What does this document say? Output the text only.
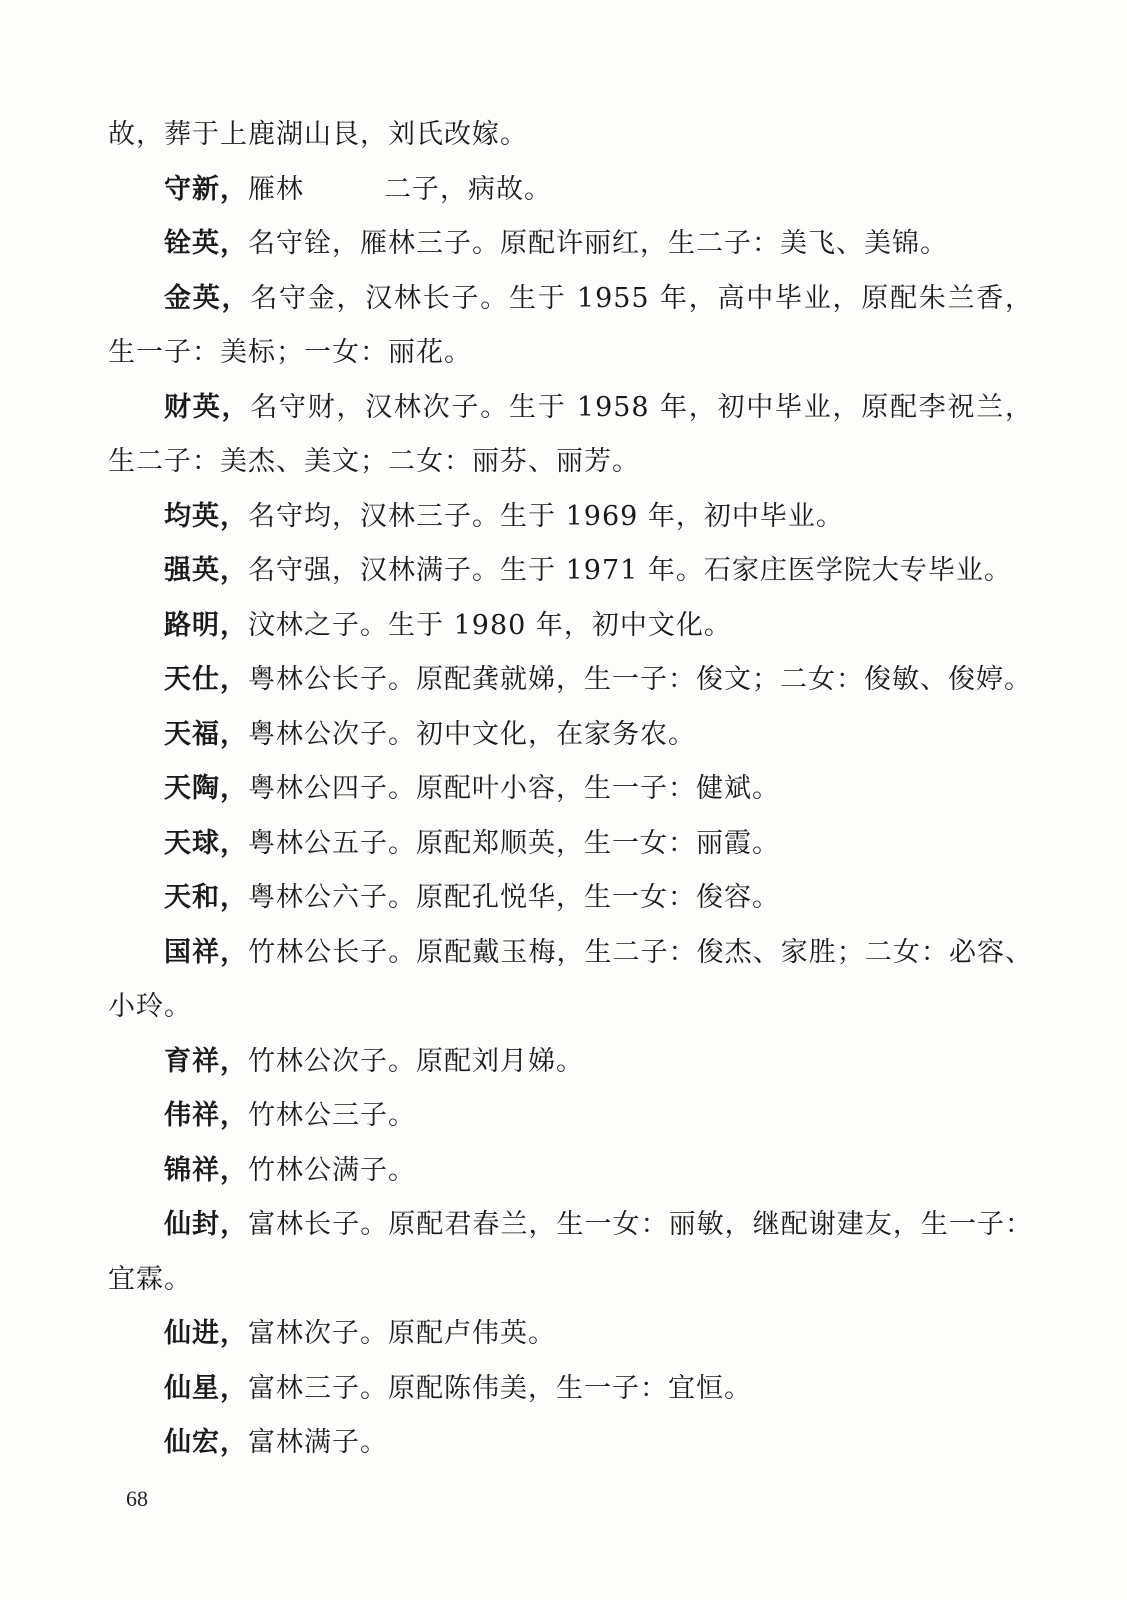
故，葬于上鹿湖山艮，刘氏改嫁。

守新，雁林	二子，病故。

铨英，名守铨，雁林三子。原配许丽红，生二子：美飞、美锦。

金英，名守金，汉林长子。生于 1955 年，高中毕业，原配朱兰香，生一子：美标；一女：丽花。

财英，名守财，汉林次子。生于 1958 年，初中毕业，原配李祝兰，生二子：美杰、美文；二女：丽芬、丽芳。

均英，名守均，汉林三子。生于 1969 年，初中毕业。

强英，名守强，汉林满子。生于 1971 年。石家庄医学院大专毕业。

路明，汶林之子。生于 1980 年，初中文化。

天仕，粤林公长子。原配龚就娣，生一子：俊文；二女：俊敏、俊婷。

天福，粤林公次子。初中文化，在家务农。

天陶，粤林公四子。原配叶小容，生一子：健斌。

天球，粤林公五子。原配郑顺英，生一女：丽霞。

天和，粤林公六子。原配孔悦华，生一女：俊容。

国祥，竹林公长子。原配戴玉梅，生二子：俊杰、家胜；二女：必容、小玲。

育祥，竹林公次子。原配刘月娣。

伟祥，竹林公三子。

锦祥，竹林公满子。

仙封，富林长子。原配君春兰，生一女：丽敏，继配谢建友，生一子：宜霖。

仙进，富林次子。原配卢伟英。

仙星，富林三子。原配陈伟美，生一子：宜恒。

仙宏，富林满子。

68
